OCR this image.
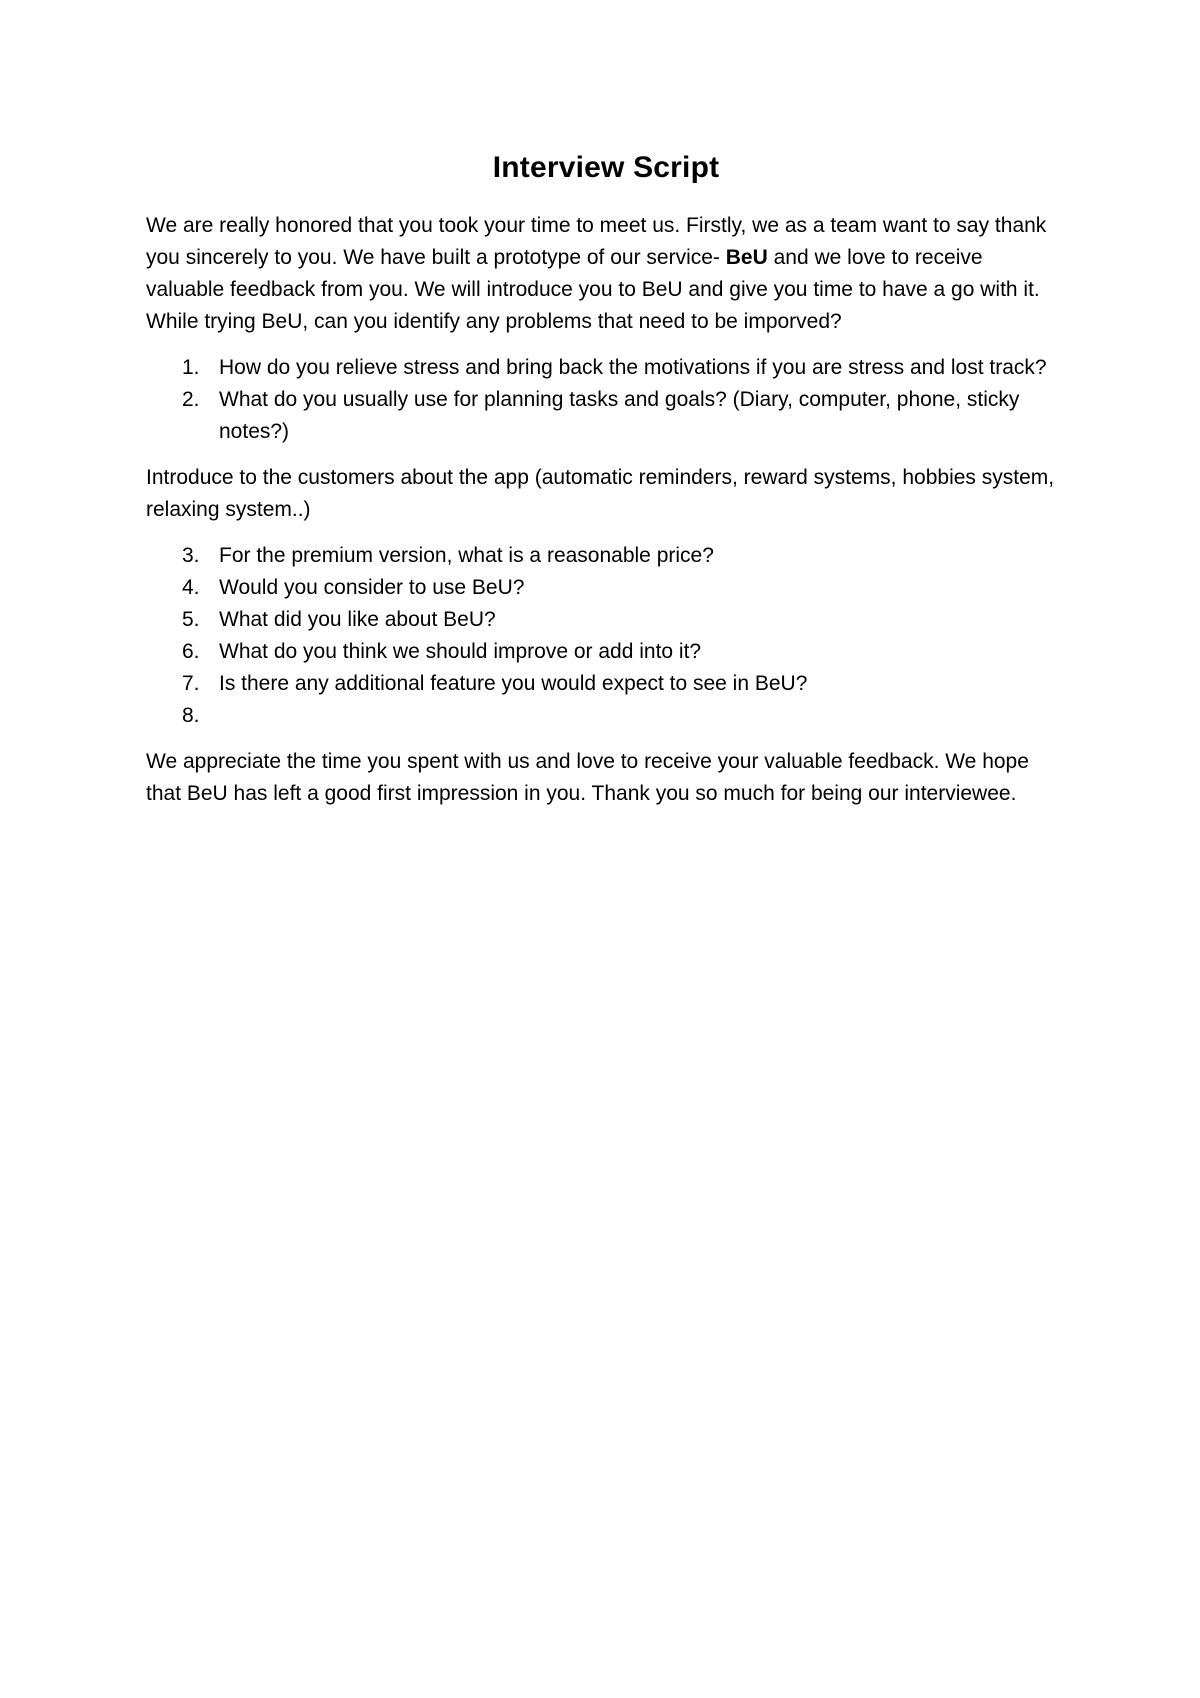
Interview Script

We are really honored that you took your time to meet us. Firstly, we as a team want to say thank you sincerely to you. We have built a prototype of our service- BeU and we love to receive valuable feedback from you. We will introduce you to BeU and give you time to have a go with it. While trying BeU, can you identify any problems that need to be imporved?

1. How do you relieve stress and bring back the motivations if you are stress and lost track?
2. What do you usually use for planning tasks and goals? (Diary, computer, phone, sticky notes?)

Introduce to the customers about the app (automatic reminders, reward systems, hobbies system, relaxing system..)

3. For the premium version, what is a reasonable price?
4. Would you consider to use BeU?
5. What did you like about BeU?
6. What do you think we should improve or add into it?
7. Is there any additional feature you would expect to see in BeU?
8.

We appreciate the time you spent with us and love to receive your valuable feedback. We hope that BeU has left a good first impression in you. Thank you so much for being our interviewee.
